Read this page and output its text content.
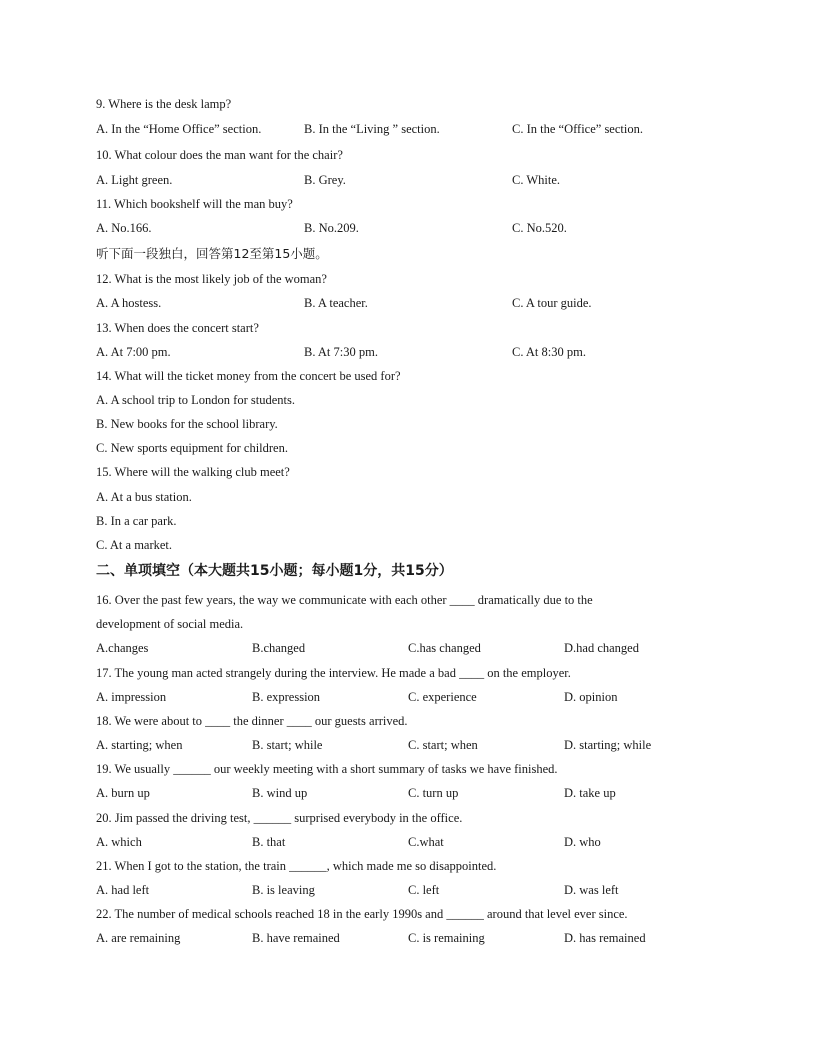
9. Where is the desk lamp?
A. In the “Home Office” section.	B. In the “Living ” section.	C. In the “Office” section.
10. What colour does the man want for the chair?
A. Light green.	B. Grey.	C. White.
11. Which bookshelf will the man buy?
A. No.166.	B. No.209.	C. No.520.
听下面一段独白，回答第12至第15小题。
12. What is the most likely job of the woman?
A. A hostess.	B. A teacher.	C. A tour guide.
13. When does the concert start?
A. At 7:00 pm.	B. At 7:30 pm.	C. At 8:30 pm.
14. What will the ticket money from the concert be used for?
A. A school trip to London for students.
B. New books for the school library.
C. New sports equipment for children.
15. Where will the walking club meet?
A. At a bus station.
B. In a car park.
C. At a market.
二、单项填空（本大题共15小题；每小题1分，共15分）
16. Over the past few years, the way we communicate with each other ____ dramatically due to the
development of social media.
A.changes	B.changed	C.has changed	D.had changed
17. The young man acted strangely during the interview. He made a bad ____ on the employer.
A. impression	B. expression	C. experience	D. opinion
18. We were about to ____ the dinner ____ our guests arrived.
A. starting; when	B. start; while	C. start; when	D. starting; while
19. We usually ______ our weekly meeting with a short summary of tasks we have finished.
A. burn up	B. wind up	C. turn up	D. take up
20. Jim passed the driving test, ______ surprised everybody in the office.
A. which	B. that	C.what	D. who
21. When I got to the station, the train ______, which made me so disappointed.
A. had left	B. is leaving	C. left	D. was left
22. The number of medical schools reached 18 in the early 1990s and ______ around that level ever since.
A. are remaining	B. have remained	C. is remaining	D. has remained
